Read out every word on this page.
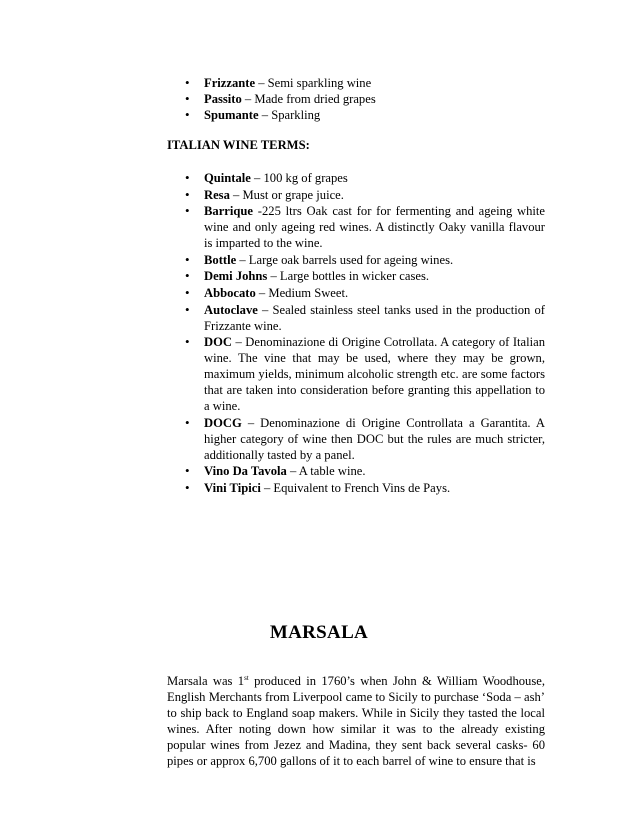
• Frizzante – Semi sparkling wine
• Passito – Made from dried grapes
• Spumante – Sparkling
ITALIAN WINE TERMS:
• Quintale – 100 kg of grapes
• Resa – Must or grape juice.
• Barrique -225 ltrs Oak cast for for fermenting and ageing white wine and only ageing red wines. A distinctly Oaky vanilla flavour is imparted to the wine.
• Bottle – Large oak barrels used for ageing wines.
• Demi Johns – Large bottles in wicker cases.
• Abbocato – Medium Sweet.
• Autoclave – Sealed stainless steel tanks used in the production of Frizzante wine.
• DOC – Denominazione di Origine Cotrollata. A category of Italian wine. The vine that may be used, where they may be grown, maximum yields, minimum alcoholic strength etc. are some factors that are taken into consideration before granting this appellation to a wine.
• DOCG – Denominazione di Origine Controllata a Garantita. A higher category of wine then DOC but the rules are much stricter, additionally tasted by a panel.
• Vino Da Tavola – A table wine.
• Vini Tipici – Equivalent to French Vins de Pays.
MARSALA

Marsala was 1st produced in 1760’s when John & William Woodhouse, English Merchants from Liverpool came to Sicily to purchase ‘Soda – ash’ to ship back to England soap makers. While in Sicily they tasted the local wines. After noting down how similar it was to the already existing popular wines from Jezez and Madina, they sent back several casks- 60 pipes or approx 6,700 gallons of it to each barrel of wine to ensure that is
